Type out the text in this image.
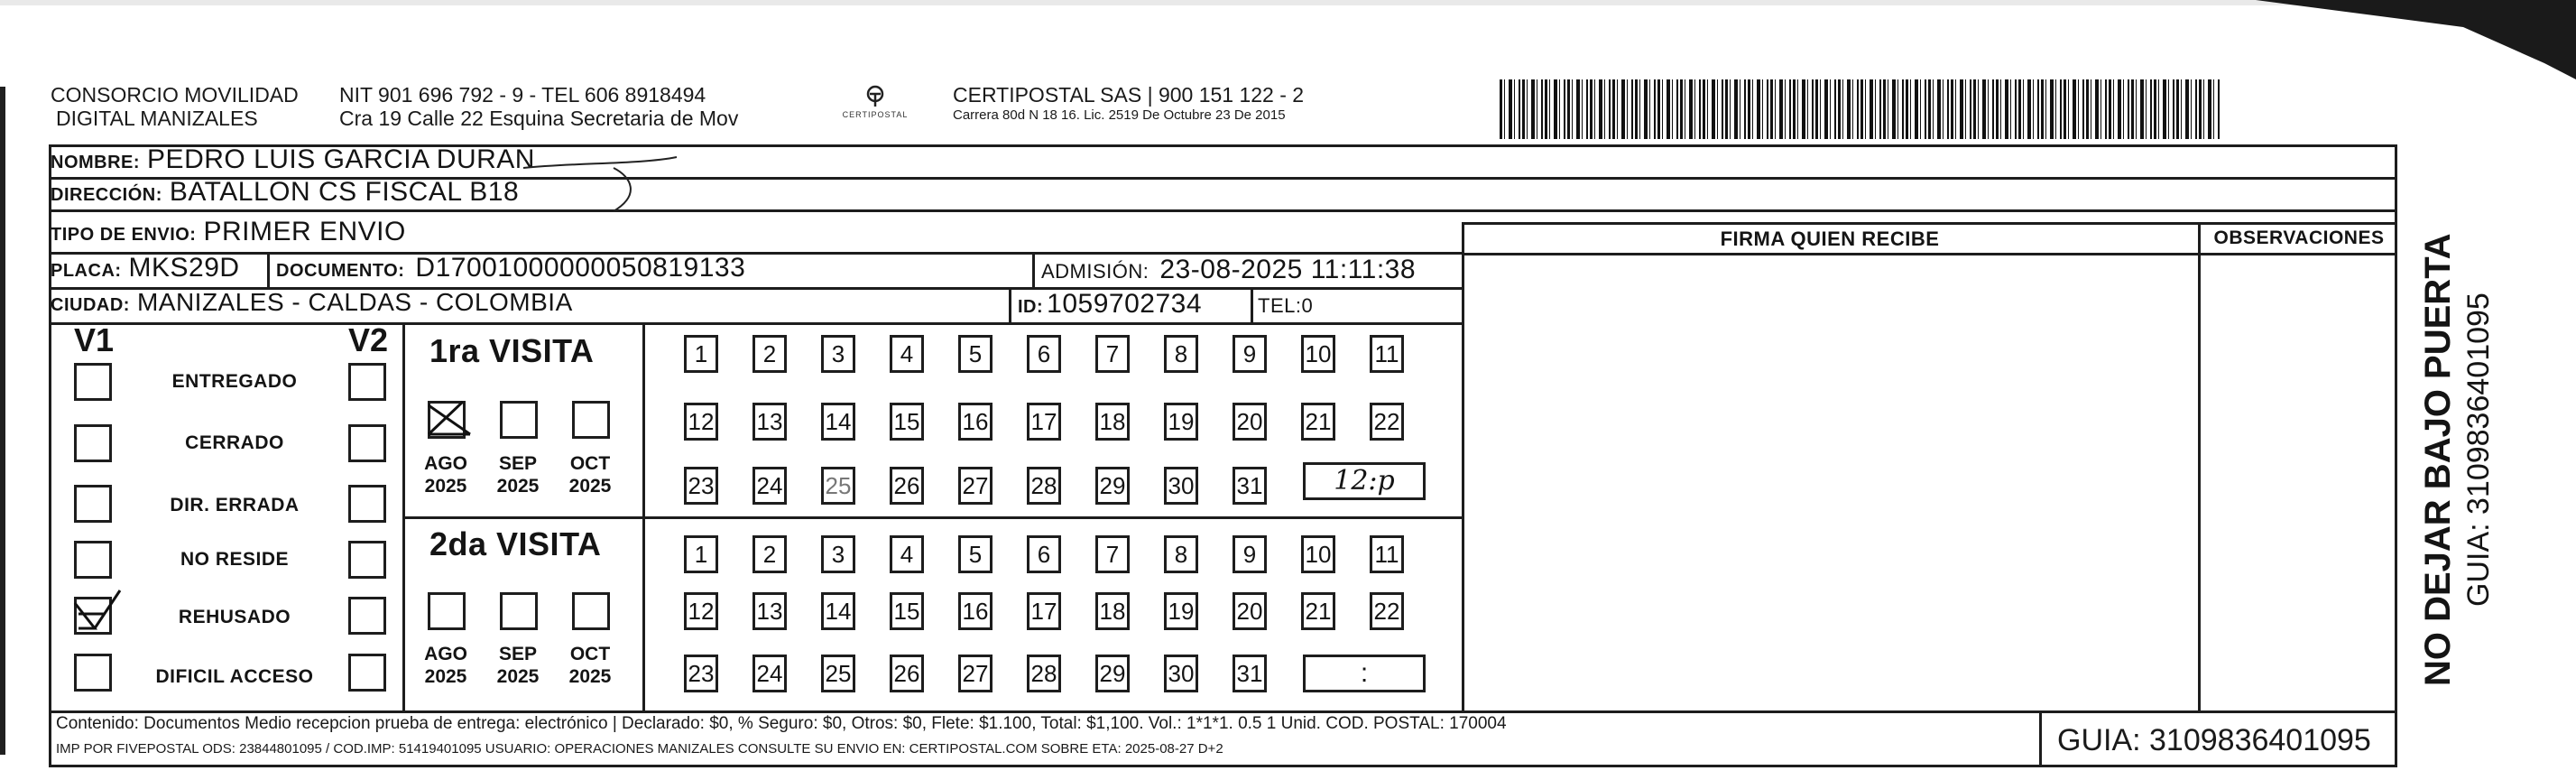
CONSORCIO MOVILIDAD
DIGITAL MANIZALES
NIT 901 696 792 - 9 - TEL 606 8918494
Cra 19 Calle 22 Esquina Secretaria de Mov	CERTIPOSTAL
CERTIPOSTAL SAS | 900 151 122 - 2
Carrera 80d N 18 16. Lic. 2519 De Octubre 23 De 2015
NOMBRE: PEDRO LUIS GARCIA DURAN
DIRECCIÓN: BATALLON CS FISCAL B18
TIPO DE ENVIO: PRIMER ENVIO
PLACA: MKS29D DOCUMENTO: D17001000000050819133	ADMISIÓN: 23-08-2025 11:11:38
CIUDAD: MANIZALES - CALDAS - COLOMBIA	ID: 1059702734	TEL: 0
FIRMA QUIEN RECIBE	OBSERVACIONES
V1	V2
ENTREGADO
CERRADO
DIR. ERRADA
NO RESIDE
REHUSADO
DIFICIL ACCESO
1ra VISITA
AGO
2025
SEP
2025
OCT
2025
1	2	3	4	5	6	7	8	9	10 11
12 13 14 15 16 17 18 19 20 21 22
23 24 25 26 27 28 29 30 31	12:p
2da VISITA
AGO
2025
SEP
2025
OCT
2025
1	2	3	4	5	6	7	8	9	10 11
12 13 14 15 16 17 18 19 20 21 22
23 24 25 26 27 28 29 30 31	:
Contenido: Documentos Medio recepcion prueba de entrega: electrónico | Declarado: $0, % Seguro: $0, Otros: $0, Flete: $1.100, Total: $1,100. Vol.: 1*1*1. 0.5 1 Unid. COD. POSTAL: 170004
IMP POR FIVEPOSTAL ODS: 23844801095 / COD.IMP: 51419401095 USUARIO: OPERACIONES MANIZALES CONSULTE SU ENVIO EN: CERTIPOSTAL.COM SOBRE ETA: 2025-08-27 D+2	GUIA: 3109836401095
NO DEJAR BAJO PUERTA GUIA: 3109836401095
